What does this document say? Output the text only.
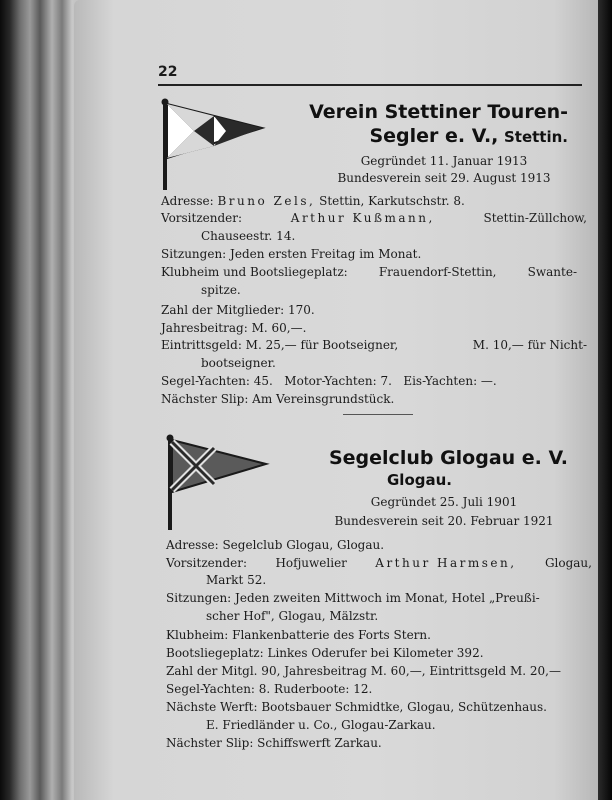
22
Verein Stettiner Touren-
Segler e. V., Stettin.
Gegründet 11. Januar 1913
Bundesverein seit 29. August 1913
Adresse: Bruno Zels, Stettin, Karkutschstr. 8.
Vorsitzender:	Arthur Kußmann,	Stettin-Züllchow,
Chauseestr. 14.
Sitzungen: Jeden ersten Freitag im Monat.
Klubheim und Bootsliegeplatz:	Frauendorf-Stettin,	Swante-
spitze.
Zahl der Mitglieder: 170.
Jahresbeitrag: M. 60,—.
Eintrittsgeld: M. 25,— für Bootseigner,	M. 10,— für Nicht-
bootseigner.
Segel-Yachten: 45.   Motor-Yachten: 7.   Eis-Yachten: —.
Nächster Slip: Am Vereinsgrundstück.
Segelclub Glogau e. V.
Glogau.
Gegründet 25. Juli 1901
Bundesverein seit 20. Februar 1921
Adresse: Segelclub Glogau, Glogau.
Vorsitzender: Hofjuwelier Arthur Harmsen, Glogau,
Markt 52.
Sitzungen: Jeden zweiten Mittwoch im Monat, Hotel „Preußi-
scher Hof", Glogau, Mälzstr.
Klubheim: Flankenbatterie des Forts Stern.
Bootsliegeplatz: Linkes Oderufer bei Kilometer 392.
Zahl der Mitgl. 90, Jahresbeitrag M. 60,—, Eintrittsgeld M. 20,—
Segel-Yachten: 8. Ruderboote: 12.
Nächste Werft: Bootsbauer Schmidtke, Glogau, Schützenhaus.
E. Friedländer u. Co., Glogau-Zarkau.
Nächster Slip: Schiffswerft Zarkau.
